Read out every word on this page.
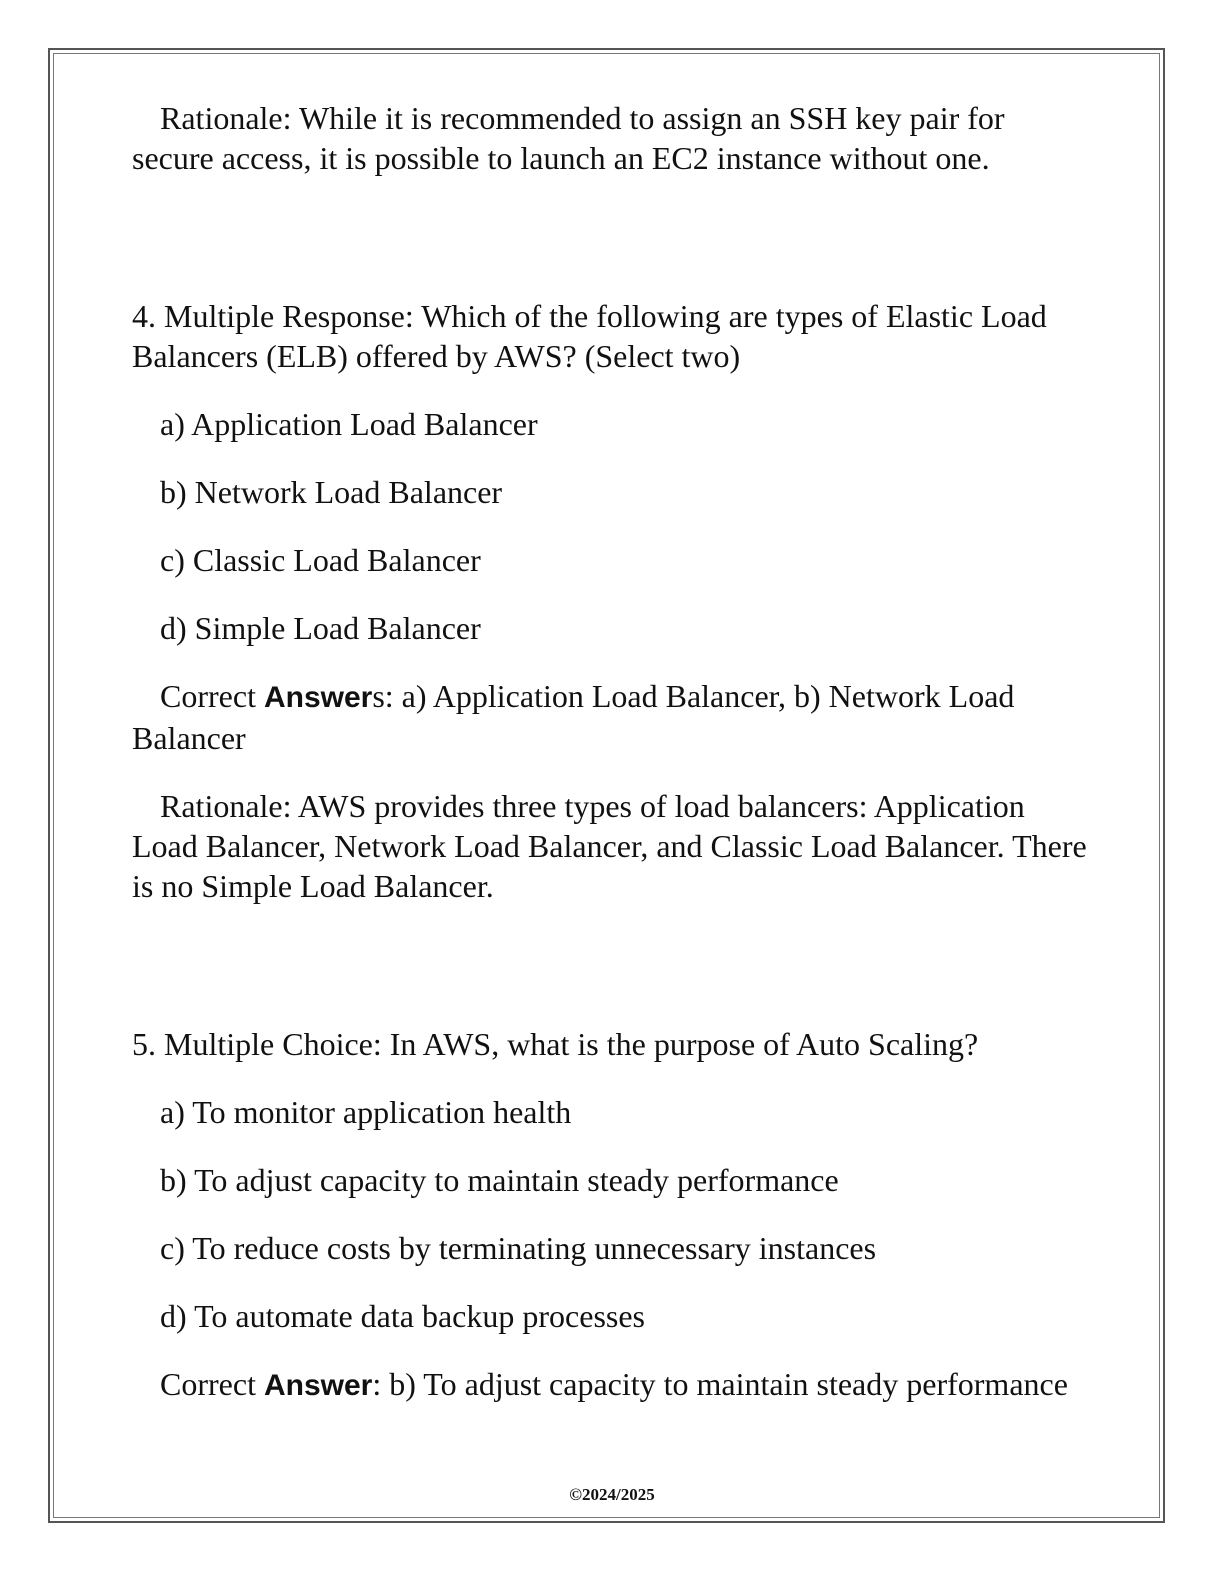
Rationale: While it is recommended to assign an SSH key pair for secure access, it is possible to launch an EC2 instance without one.

4. Multiple Response: Which of the following are types of Elastic Load Balancers (ELB) offered by AWS? (Select two)

a) Application Load Balancer

b) Network Load Balancer

c) Classic Load Balancer

d) Simple Load Balancer

Correct Answers: a) Application Load Balancer, b) Network Load Balancer

Rationale: AWS provides three types of load balancers: Application Load Balancer, Network Load Balancer, and Classic Load Balancer. There is no Simple Load Balancer.

5. Multiple Choice: In AWS, what is the purpose of Auto Scaling?

a) To monitor application health

b) To adjust capacity to maintain steady performance

c) To reduce costs by terminating unnecessary instances

d) To automate data backup processes

Correct Answer: b) To adjust capacity to maintain steady performance

©2024/2025
